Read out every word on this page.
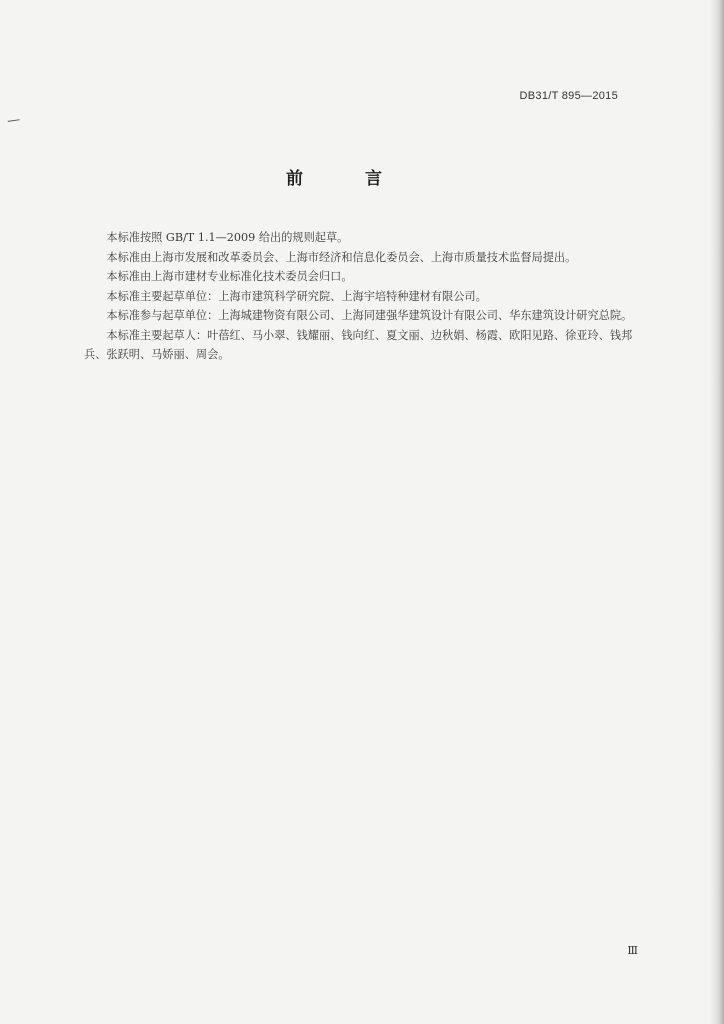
DB31/T 895—2015
前 言

本标准按照 GB/T 1.1—2009 给出的规则起草。

本标准由上海市发展和改革委员会、上海市经济和信息化委员会、上海市质量技术监督局提出。

本标准由上海市建材专业标准化技术委员会归口。

本标准主要起草单位：上海市建筑科学研究院、上海宇培特种建材有限公司。

本标准参与起草单位：上海城建物资有限公司、上海同建强华建筑设计有限公司、华东建筑设计研究总院。

本标准主要起草人：叶蓓红、马小翠、钱耀丽、钱向红、夏文丽、边秋娟、杨霞、欧阳见路、徐亚玲、钱邦兵、张跃明、马娇丽、周会。

Ⅲ
